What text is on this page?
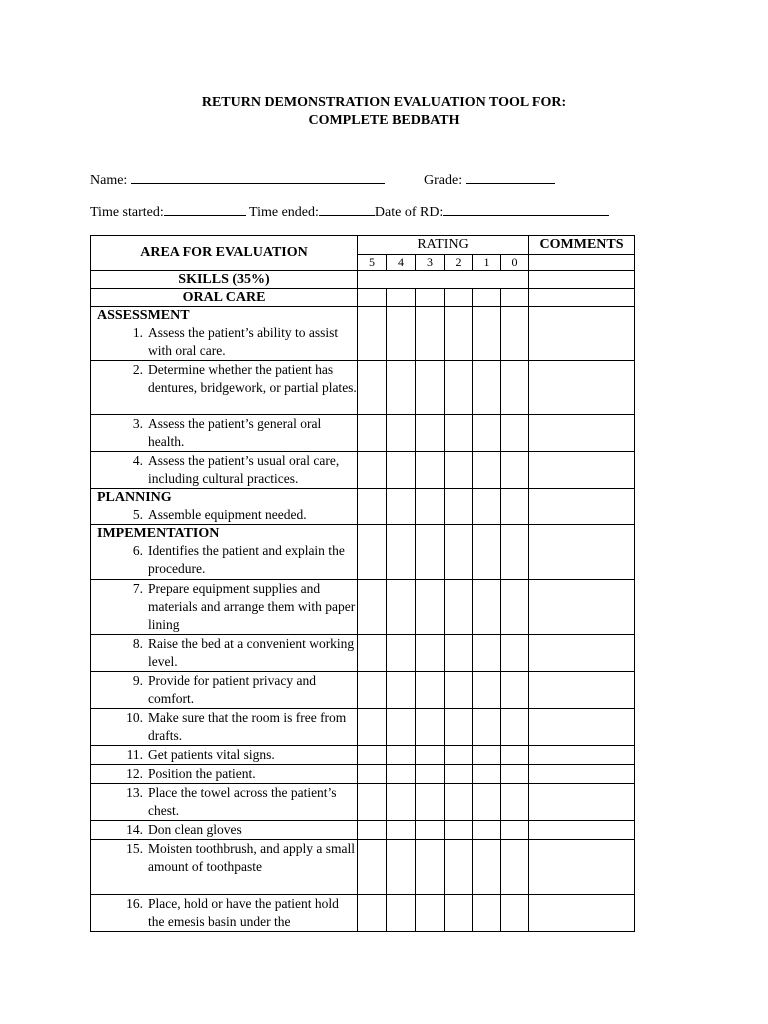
RETURN DEMONSTRATION EVALUATION TOOL FOR:
COMPLETE BEDBATH
Name:	Grade:
Time started:	Time ended:	Date of RD:
AREA FOR EVALUATION	RATING						COMMENTS
	5	4	3	2	1	0	
SKILLS (35%)							
ORAL CARE							

ASSESSMENT
1. Assess the patient’s ability to assist with oral care.							

2. Determine whether the patient has dentures, bridgework, or partial plates.							

3. Assess the patient’s general oral health.							

4. Assess the patient’s usual oral care, including cultural practices.							

PLANNING
5. Assemble equipment needed.							

IMPEMENTATION
6. Identifies the patient and explain the procedure.							

7. Prepare equipment supplies and materials and arrange them with paper lining							

8. Raise the bed at a convenient working level.							

9. Provide for patient privacy and comfort.							

10. Make sure that the room is free from drafts.							

11. Get patients vital signs.							

12. Position the patient.							

13. Place the towel across the patient’s chest.							

14. Don clean gloves							

15. Moisten toothbrush, and apply a small amount of toothpaste							

16. Place, hold or have the patient hold the emesis basin under the							
